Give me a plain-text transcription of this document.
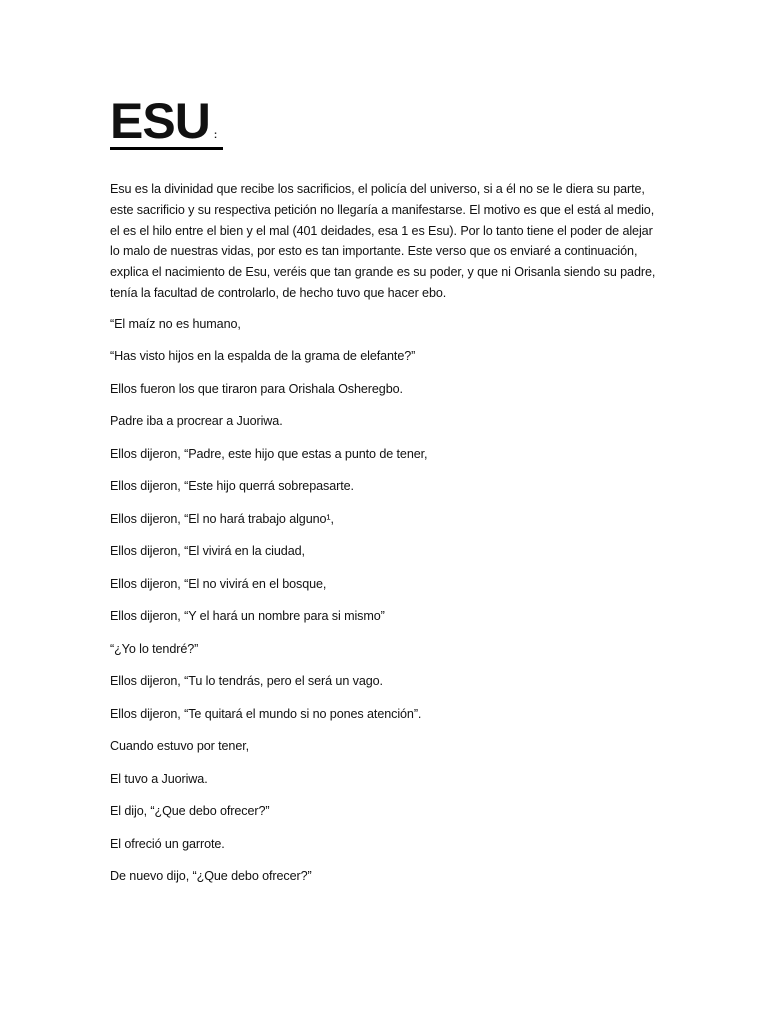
ESU :

Esu es la divinidad que recibe los sacrificios, el policía del universo, si a él no se le diera su parte, este sacrificio y su respectiva petición no llegaría a manifestarse. El motivo es que el está al medio, el es el hilo entre el bien y el mal (401 deidades, esa 1 es Esu). Por lo tanto tiene el poder de alejar lo malo de nuestras vidas, por esto es tan importante. Este verso que os enviaré a continuación, explica el nacimiento de Esu, veréis que tan grande es su poder, y que ni Orisanla siendo su padre, tenía la facultad de controlarlo, de hecho tuvo que hacer ebo.

“El maíz no es humano,
“Has visto hijos en la espalda de la grama de elefante?”
Ellos fueron los que tiraron para Orishala Osheregbo.
Padre iba a procrear a Juoriwa.
Ellos dijeron, “Padre, este hijo que estas a punto de tener,
Ellos dijeron, “Este hijo querrá sobrepasarte.
Ellos dijeron, “El no hará trabajo alguno¹,
Ellos dijeron, “El vivirá en la ciudad,
Ellos dijeron, “El no vivirá en el bosque,
Ellos dijeron, “Y el hará un nombre para si mismo”
“¿Yo lo tendré?”
Ellos dijeron, “Tu lo tendrás, pero el será un vago.
Ellos dijeron, “Te quitará el mundo si no pones atención”.
Cuando estuvo por tener,
El tuvo a Juoriwa.
El dijo, “¿Que debo ofrecer?”
El ofreció un garrote.
De nuevo dijo, “¿Que debo ofrecer?”
